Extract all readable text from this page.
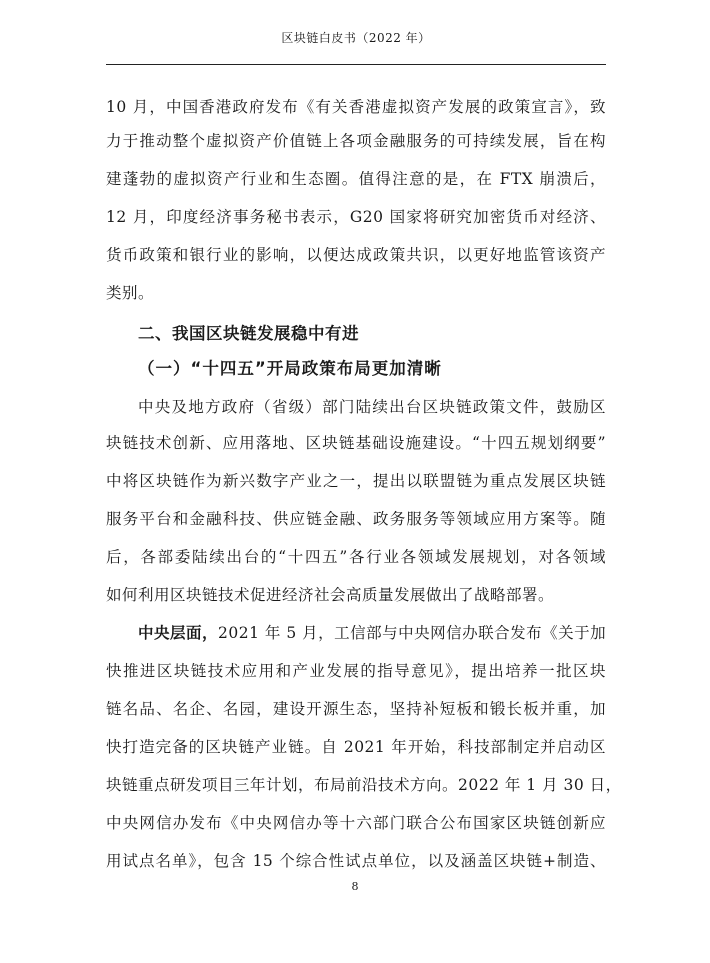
区块链白皮书（2022 年）
10 月，中国香港政府发布《有关香港虚拟资产发展的政策宣言》，致
力于推动整个虚拟资产价值链上各项金融服务的可持续发展，旨在构
建蓬勃的虚拟资产行业和生态圈。值得注意的是，在 FTX 崩溃后，
12 月，印度经济事务秘书表示，G20 国家将研究加密货币对经济、
货币政策和银行业的影响，以便达成政策共识，以更好地监管该资产
类别。
二、我国区块链发展稳中有进
（一）“十四五”开局政策布局更加清晰
中央及地方政府（省级）部门陆续出台区块链政策文件，鼓励区
块链技术创新、应用落地、区块链基础设施建设。“十四五规划纲要”
中将区块链作为新兴数字产业之一，提出以联盟链为重点发展区块链
服务平台和金融科技、供应链金融、政务服务等领域应用方案等。随
后，各部委陆续出台的“十四五”各行业各领域发展规划，对各领域
如何利用区块链技术促进经济社会高质量发展做出了战略部署。
中央层面，2021 年 5 月，工信部与中央网信办联合发布《关于加
快推进区块链技术应用和产业发展的指导意见》，提出培养一批区块
链名品、名企、名园，建设开源生态，坚持补短板和锻长板并重，加
快打造完备的区块链产业链。自 2021 年开始，科技部制定并启动区
块链重点研发项目三年计划，布局前沿技术方向。2022 年 1 月 30 日，
中央网信办发布《中央网信办等十六部门联合公布国家区块链创新应
用试点名单》，包含 15 个综合性试点单位，以及涵盖区块链+制造、
8
